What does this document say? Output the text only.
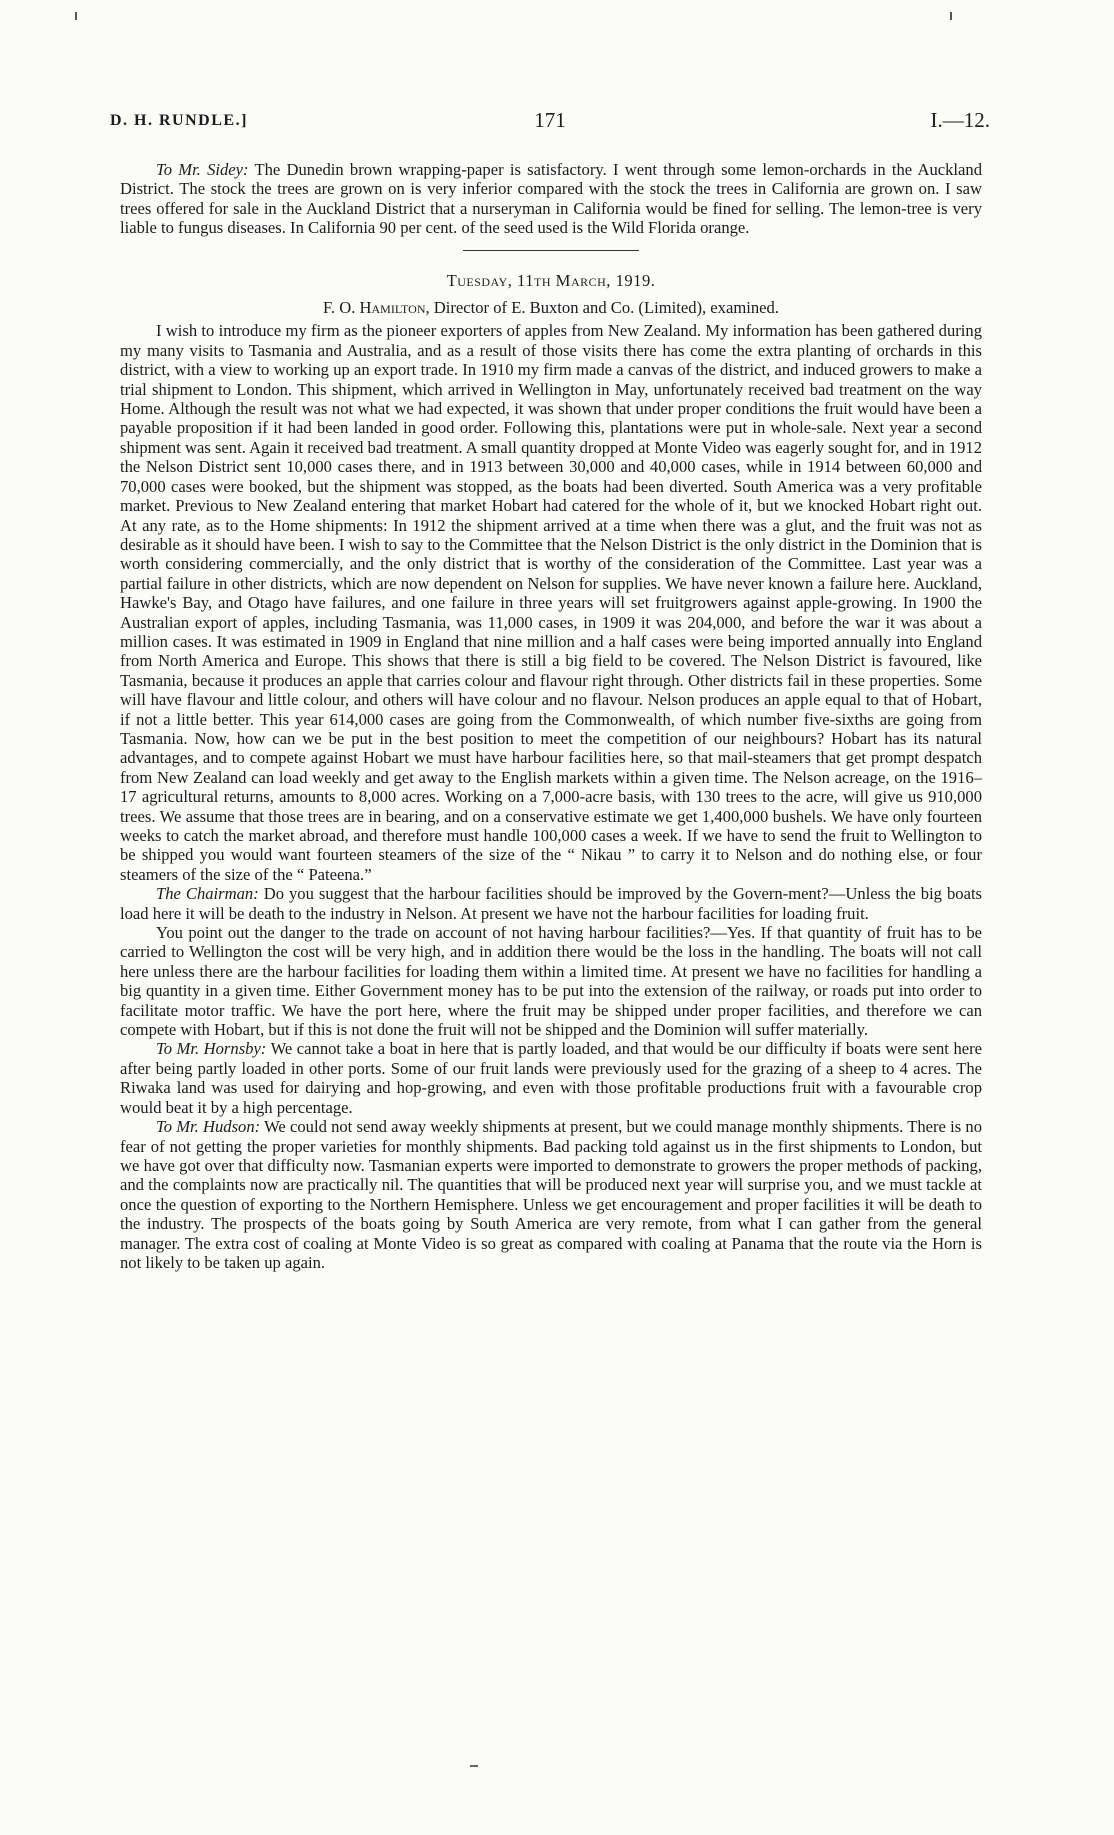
D. H. RUNDLE.]	171	I.—12.

To Mr. Sidey: The Dunedin brown wrapping-paper is satisfactory. I went through some lemon-orchards in the Auckland District. The stock the trees are grown on is very inferior compared with the stock the trees in California are grown on. I saw trees offered for sale in the Auckland District that a nurseryman in California would be fined for selling. The lemon-tree is very liable to fungus diseases. In California 90 per cent. of the seed used is the Wild Florida orange.

Tuesday, 11th March, 1919.
F. O. Hamilton, Director of E. Buxton and Co. (Limited), examined.

I wish to introduce my firm as the pioneer exporters of apples from New Zealand. My information has been gathered during my many visits to Tasmania and Australia, and as a result of those visits there has come the extra planting of orchards in this district, with a view to working up an export trade. In 1910 my firm made a canvas of the district, and induced growers to make a trial shipment to London. This shipment, which arrived in Wellington in May, unfortunately received bad treatment on the way Home. Although the result was not what we had expected, it was shown that under proper conditions the fruit would have been a payable proposition if it had been landed in good order. Following this, plantations were put in whole-sale. Next year a second shipment was sent. Again it received bad treatment. A small quantity dropped at Monte Video was eagerly sought for, and in 1912 the Nelson District sent 10,000 cases there, and in 1913 between 30,000 and 40,000 cases, while in 1914 between 60,000 and 70,000 cases were booked, but the shipment was stopped, as the boats had been diverted. South America was a very profitable market. Previous to New Zealand entering that market Hobart had catered for the whole of it, but we knocked Hobart right out. At any rate, as to the Home shipments: In 1912 the shipment arrived at a time when there was a glut, and the fruit was not as desirable as it should have been. I wish to say to the Committee that the Nelson District is the only district in the Dominion that is worth considering commercially, and the only district that is worthy of the consideration of the Committee. Last year was a partial failure in other districts, which are now dependent on Nelson for supplies. We have never known a failure here. Auckland, Hawke's Bay, and Otago have failures, and one failure in three years will set fruitgrowers against apple-growing. In 1900 the Australian export of apples, including Tasmania, was 11,000 cases, in 1909 it was 204,000, and before the war it was about a million cases. It was estimated in 1909 in England that nine million and a half cases were being imported annually into England from North America and Europe. This shows that there is still a big field to be covered. The Nelson District is favoured, like Tasmania, because it produces an apple that carries colour and flavour right through. Other districts fail in these properties. Some will have flavour and little colour, and others will have colour and no flavour. Nelson produces an apple equal to that of Hobart, if not a little better. This year 614,000 cases are going from the Commonwealth, of which number five-sixths are going from Tasmania. Now, how can we be put in the best position to meet the competition of our neighbours? Hobart has its natural advantages, and to compete against Hobart we must have harbour facilities here, so that mail-steamers that get prompt despatch from New Zealand can load weekly and get away to the English markets within a given time. The Nelson acreage, on the 1916–17 agricultural returns, amounts to 8,000 acres. Working on a 7,000-acre basis, with 130 trees to the acre, will give us 910,000 trees. We assume that those trees are in bearing, and on a conservative estimate we get 1,400,000 bushels. We have only fourteen weeks to catch the market abroad, and therefore must handle 100,000 cases a week. If we have to send the fruit to Wellington to be shipped you would want fourteen steamers of the size of the “ Nikau ” to carry it to Nelson and do nothing else, or four steamers of the size of the “ Pateena.”

The Chairman: Do you suggest that the harbour facilities should be improved by the Govern-ment?—Unless the big boats load here it will be death to the industry in Nelson. At present we have not the harbour facilities for loading fruit.

You point out the danger to the trade on account of not having harbour facilities?—Yes. If that quantity of fruit has to be carried to Wellington the cost will be very high, and in addition there would be the loss in the handling. The boats will not call here unless there are the harbour facilities for loading them within a limited time. At present we have no facilities for handling a big quantity in a given time. Either Government money has to be put into the extension of the railway, or roads put into order to facilitate motor traffic. We have the port here, where the fruit may be shipped under proper facilities, and therefore we can compete with Hobart, but if this is not done the fruit will not be shipped and the Dominion will suffer materially.

To Mr. Hornsby: We cannot take a boat in here that is partly loaded, and that would be our difficulty if boats were sent here after being partly loaded in other ports. Some of our fruit lands were previously used for the grazing of a sheep to 4 acres. The Riwaka land was used for dairying and hop-growing, and even with those profitable productions fruit with a favourable crop would beat it by a high percentage.

To Mr. Hudson: We could not send away weekly shipments at present, but we could manage monthly shipments. There is no fear of not getting the proper varieties for monthly shipments. Bad packing told against us in the first shipments to London, but we have got over that difficulty now. Tasmanian experts were imported to demonstrate to growers the proper methods of packing, and the complaints now are practically nil. The quantities that will be produced next year will surprise you, and we must tackle at once the question of exporting to the Northern Hemisphere. Unless we get encouragement and proper facilities it will be death to the industry. The prospects of the boats going by South America are very remote, from what I can gather from the general manager. The extra cost of coaling at Monte Video is so great as compared with coaling at Panama that the route via the Horn is not likely to be taken up again.
